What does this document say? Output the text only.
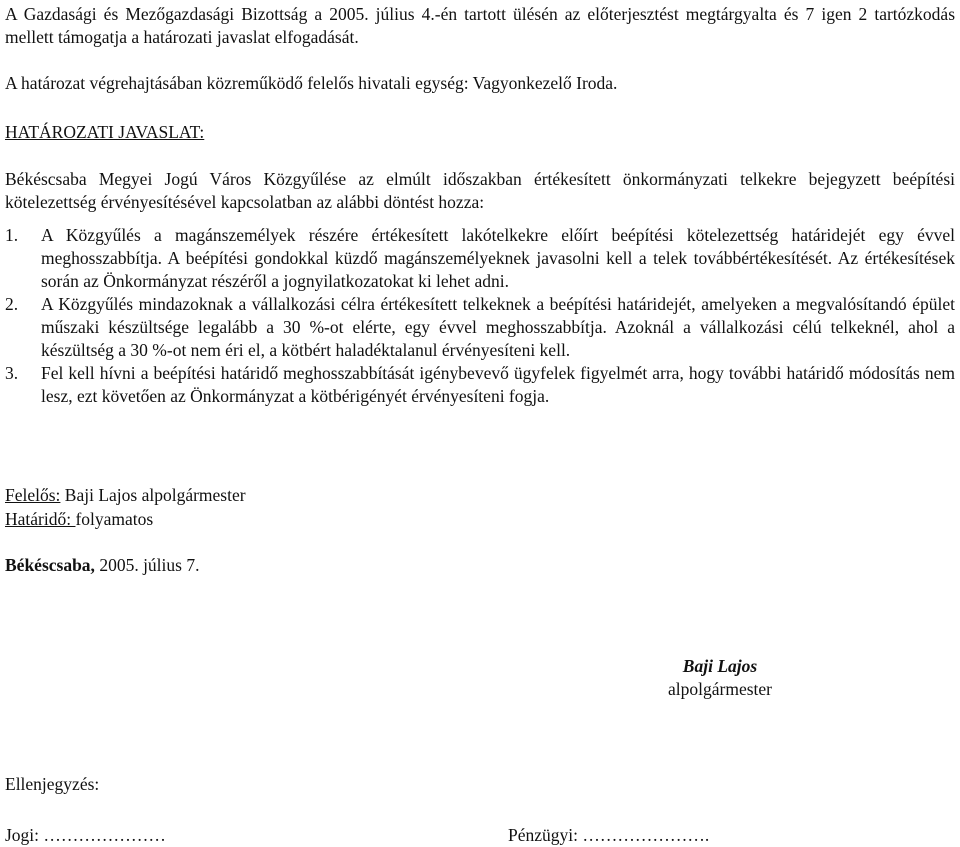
A Gazdasági és Mezőgazdasági Bizottság a 2005. július 4.-én tartott ülésén az előterjesztést megtárgyalta és 7 igen 2 tartózkodás mellett támogatja a határozati javaslat elfogadását.

A határozat végrehajtásában közreműködő felelős hivatali egység: Vagyonkezelő Iroda.

HATÁROZATI JAVASLAT:

Békéscsaba Megyei Jogú Város Közgyűlése az elmúlt időszakban értékesített önkormányzati telkekre bejegyzett beépítési kötelezettség érvényesítésével kapcsolatban az alábbi döntést hozza:

1. A Közgyűlés a magánszemélyek részére értékesített lakótelkekre előírt beépítési kötelezettség határidejét egy évvel meghosszabbítja. A beépítési gondokkal küzdő magánszemélyeknek javasolni kell a telek továbbértékesítését. Az értékesítések során az Önkormányzat részéről a jognyilatkozatokat ki lehet adni.

2. A Közgyűlés mindazoknak a vállalkozási célra értékesített telkeknek a beépítési határidejét, amelyeken a megvalósítandó épület műszaki készültsége legalább a 30 %-ot elérte, egy évvel meghosszabbítja. Azoknál a vállalkozási célú telkeknél, ahol a készültség a 30 %-ot nem éri el, a kötbért haladéktalanul érvényesíteni kell.

3. Fel kell hívni a beépítési határidő meghosszabbítását igénybevevő ügyfelek figyelmét arra, hogy további határidő módosítás nem lesz, ezt követően az Önkormányzat a kötbérigényét érvényesíteni fogja.

Felelős: Baji Lajos alpolgármester

Határidő: folyamatos

Békéscsaba, 2005. július 7.

Baji Lajos
alpolgármester

Ellenjegyzés:

Jogi: …………………	Pénzügyi: ………………….
